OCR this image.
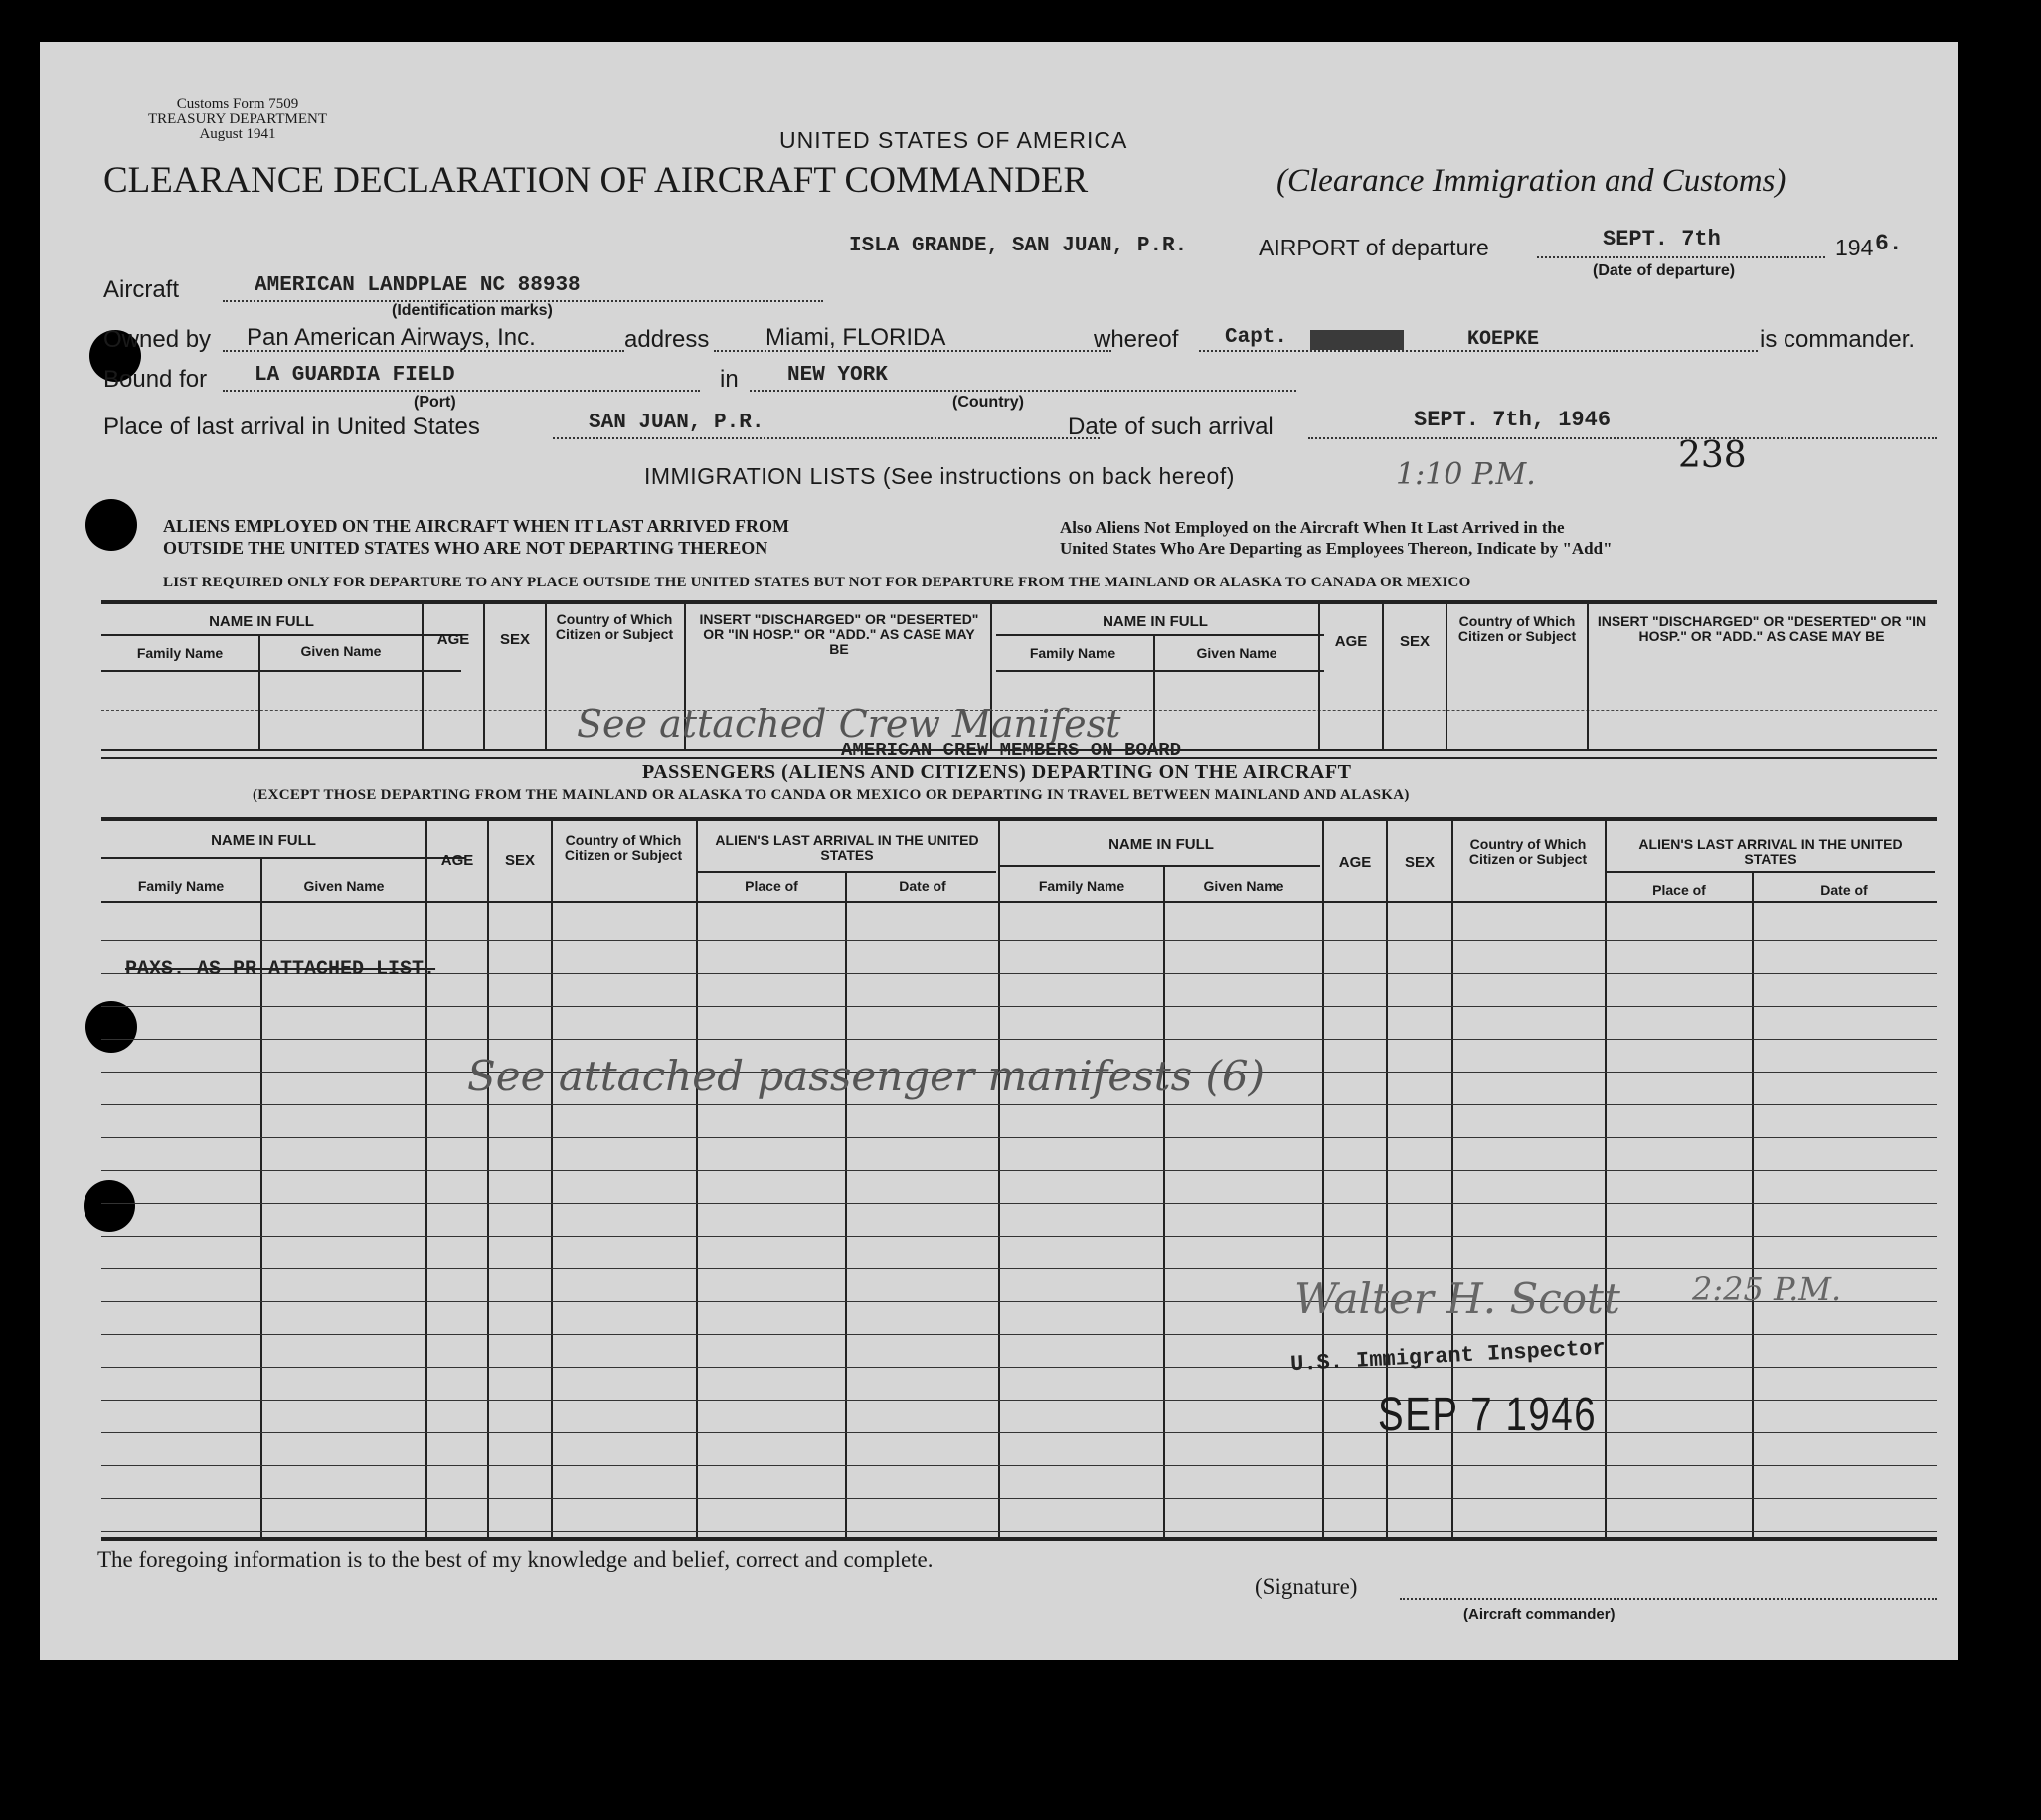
Customs Form 7509
TREASURY DEPARTMENT
August 1941	UNITED STATES OF AMERICA
CLEARANCE DECLARATION OF AIRCRAFT COMMANDER	(Clearance Immigration and Customs)
ISLA GRANDE, SAN JUAN, P.R.	AIRPORT of departure	SEPT. 7th	194 6.
(Date of departure)
Aircraft	AMERICAN LANDPLAE NC 88938
(Identification marks)
Owned by Pan American Airways, Inc.	address Miami, FLORIDA	whereof Capt.	KOEPKE	is commander.
Bound for LA GUARDIA FIELD	in NEW YORK
(Port)	(Country)
Place of last arrival in United States	SAN JUAN, P.R.	Date of such arrival	SEPT. 7th, 1946
238
IMMIGRATION LISTS (See instructions on back hereof)	1:10 P.M.
ALIENS EMPLOYED ON THE AIRCRAFT WHEN IT LAST ARRIVED FROM
OUTSIDE THE UNITED STATES WHO ARE NOT DEPARTING THEREON
Also Aliens Not Employed on the Aircraft When It Last Arrived in the
United States Who Are Departing as Employees Thereon, Indicate by "Add"
LIST REQUIRED ONLY FOR DEPARTURE TO ANY PLACE OUTSIDE THE UNITED STATES BUT NOT FOR DEPARTURE FROM THE MAINLAND OR ALASKA TO CANADA OR MEXICO
NAME IN FULL
Family Name	Given Name
AGE	SEX
Country of Which Citizen or Subject
INSERT "DISCHARGED" OR "DESERTED" OR "IN HOSP." OR "ADD." AS CASE MAY BE
NAME IN FULL
Family Name	Given Name
AGE	SEX
Country of Which Citizen or Subject
INSERT "DISCHARGED" OR "DESERTED" OR "IN HOSP." OR "ADD." AS CASE MAY BE
See attached Crew Manifest
AMERICAN CREW MEMBERS ON BOARD
PASSENGERS (ALIENS AND CITIZENS) DEPARTING ON THE AIRCRAFT
(EXCEPT THOSE DEPARTING FROM THE MAINLAND OR ALASKA TO CANDA OR MEXICO OR DEPARTING IN TRAVEL BETWEEN MAINLAND AND ALASKA)
NAME IN FULL
Family Name	Given Name
AGE	SEX
Country of Which Citizen or Subject
ALIEN'S LAST ARRIVAL IN THE UNITED STATES
Place of	Date of
NAME IN FULL
Family Name	Given Name
AGE	SEX
Country of Which Citizen or Subject
ALIEN'S LAST ARRIVAL IN THE UNITED STATES
Place of	Date of
PAXS. AS PR ATTACHED LIST.
See attached passenger manifests (6)
Walter H. Scott 2:25 P.M.
U.S. Immigrant Inspector
SEP 7 1946
The foregoing information is to the best of my knowledge and belief, correct and complete.
(Signature)
(Aircraft commander)
